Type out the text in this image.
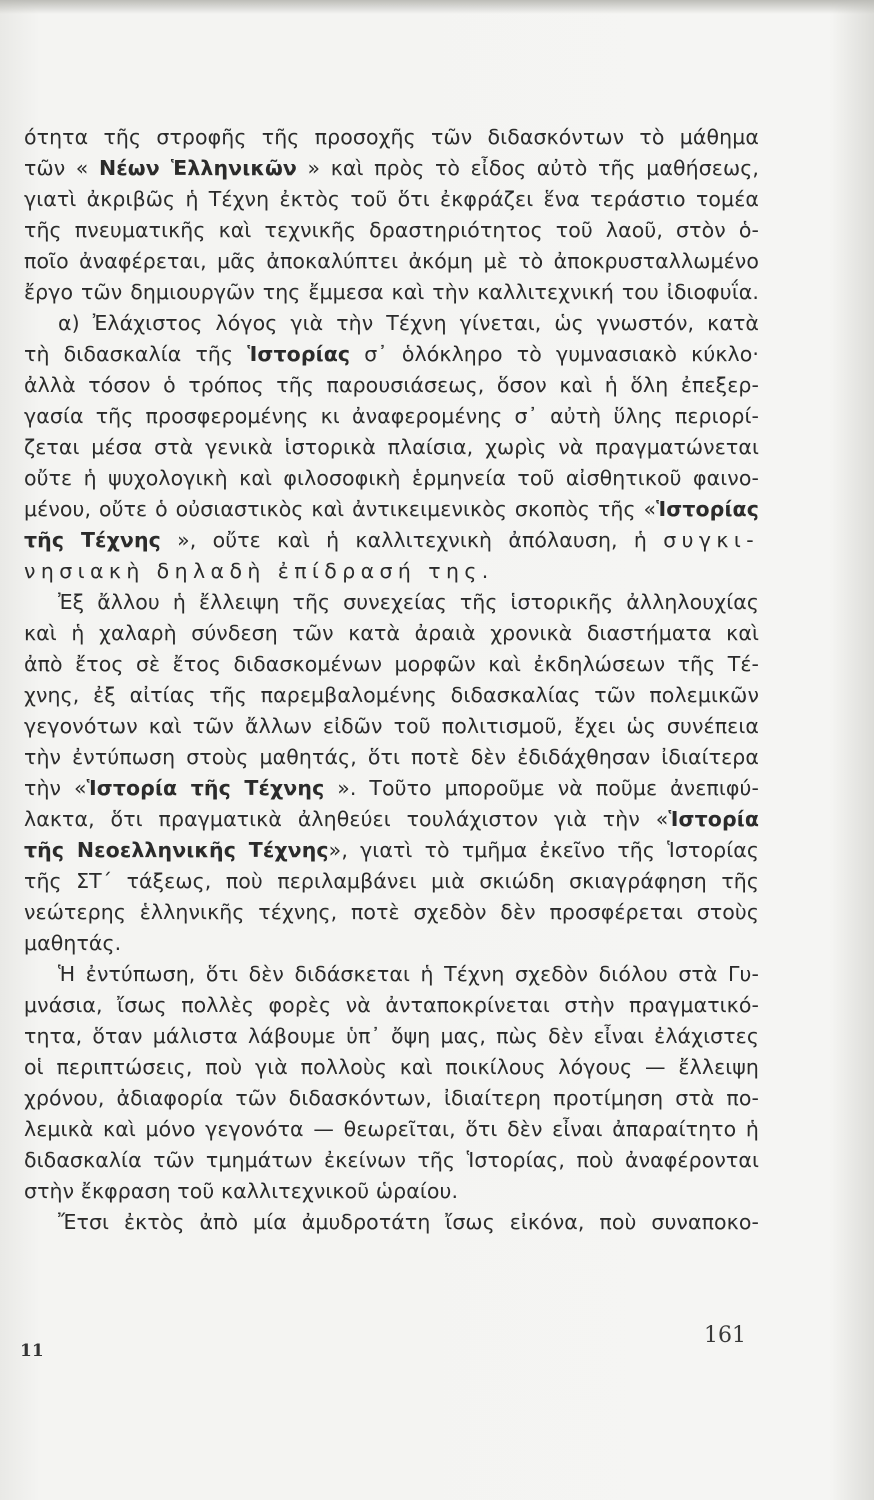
ότητα τῆς στροφῆς τῆς προσοχῆς τῶν διδασκόντων τὸ μάθημα
τῶν « Νέων Ἑλληνικῶν » καὶ πρὸς τὸ εἶδος αὐτὸ τῆς μαθήσεως,
γιατὶ ἀκριβῶς ἡ Τέχνη ἐκτὸς τοῦ ὅτι ἐκφράζει ἕνα τεράστιο τομέα
τῆς πνευματικῆς καὶ τεχνικῆς δραστηριότητος τοῦ λαοῦ, στὸν ὁ-
ποῖο ἀναφέρεται, μᾶς ἀποκαλύπτει ἀκόμη μὲ τὸ ἀποκρυσταλλωμένο
ἔργο τῶν δημιουργῶν της ἔμμεσα καὶ τὴν καλλιτεχνική του ἰδιοφυΐα.
α) Ἐλάχιστος λόγος γιὰ τὴν Τέχνη γίνεται, ὡς γνωστόν, κατὰ
τὴ διδασκαλία τῆς Ἱστορίας σ᾽ ὁλόκληρο τὸ γυμνασιακὸ κύκλο·
ἀλλὰ τόσον ὁ τρόπος τῆς παρουσιάσεως, ὅσον καὶ ἡ ὅλη ἐπεξερ-
γασία τῆς προσφερομένης κι ἀναφερομένης σ᾽ αὐτὴ ὕλης περιορί-
ζεται μέσα στὰ γενικὰ ἱστορικὰ πλαίσια, χωρὶς νὰ πραγματώνεται
οὔτε ἡ ψυχολογικὴ καὶ φιλοσοφικὴ ἑρμηνεία τοῦ αἰσθητικοῦ φαινο-
μένου, οὔτε ὁ οὐσιαστικὸς καὶ ἀντικειμενικὸς σκοπὸς τῆς «Ἱστορίας
τῆς Τέχνης », οὔτε καὶ ἡ καλλιτεχνικὴ ἀπόλαυση, ἡ συγκι-
νησιακὴ δηλαδὴ ἐπίδρασή της.
Ἐξ ἄλλου ἡ ἔλλειψη τῆς συνεχείας τῆς ἱστορικῆς ἀλληλουχίας
καὶ ἡ χαλαρὴ σύνδεση τῶν κατὰ ἀραιὰ χρονικὰ διαστήματα καὶ
ἀπὸ ἔτος σὲ ἔτος διδασκομένων μορφῶν καὶ ἐκδηλώσεων τῆς Τέ-
χνης, ἐξ αἰτίας τῆς παρεμβαλομένης διδασκαλίας τῶν πολεμικῶν
γεγονότων καὶ τῶν ἄλλων εἰδῶν τοῦ πολιτισμοῦ, ἔχει ὡς συνέπεια
τὴν ἐντύπωση στοὺς μαθητάς, ὅτι ποτὲ δὲν ἐδιδάχθησαν ἰδιαίτερα
τὴν «Ἱστορία τῆς Τέχνης ». Τοῦτο μποροῦμε νὰ ποῦμε ἀνεπιφύ-
λακτα, ὅτι πραγματικὰ ἀληθεύει τουλάχιστον γιὰ τὴν «Ἱστορία
τῆς Νεοελληνικῆς Τέχνης», γιατὶ τὸ τμῆμα ἐκεῖνο τῆς Ἱστορίας
τῆς ΣΤ΄ τάξεως, ποὺ περιλαμβάνει μιὰ σκιώδη σκιαγράφηση τῆς
νεώτερης ἑλληνικῆς τέχνης, ποτὲ σχεδὸν δὲν προσφέρεται στοὺς
μαθητάς.
Ἡ ἐντύπωση, ὅτι δὲν διδάσκεται ἡ Τέχνη σχεδὸν διόλου στὰ Γυ-
μνάσια, ἴσως πολλὲς φορὲς νὰ ἀνταποκρίνεται στὴν πραγματικό-
τητα, ὅταν μάλιστα λάβουμε ὑπ᾽ ὄψη μας, πὼς δὲν εἶναι ἐλάχιστες
οἱ περιπτώσεις, ποὺ γιὰ πολλοὺς καὶ ποικίλους λόγους — ἔλλειψη
χρόνου, ἀδιαφορία τῶν διδασκόντων, ἰδιαίτερη προτίμηση στὰ πο-
λεμικὰ καὶ μόνο γεγονότα — θεωρεῖται, ὅτι δὲν εἶναι ἀπαραίτητο ἡ
διδασκαλία τῶν τμημάτων ἐκείνων τῆς Ἱστορίας, ποὺ ἀναφέρονται
στὴν ἔκφραση τοῦ καλλιτεχνικοῦ ὡραίου.
Ἔτσι ἐκτὸς ἀπὸ μία ἀμυδροτάτη ἴσως εἰκόνα, ποὺ συναποκο-
161
11
